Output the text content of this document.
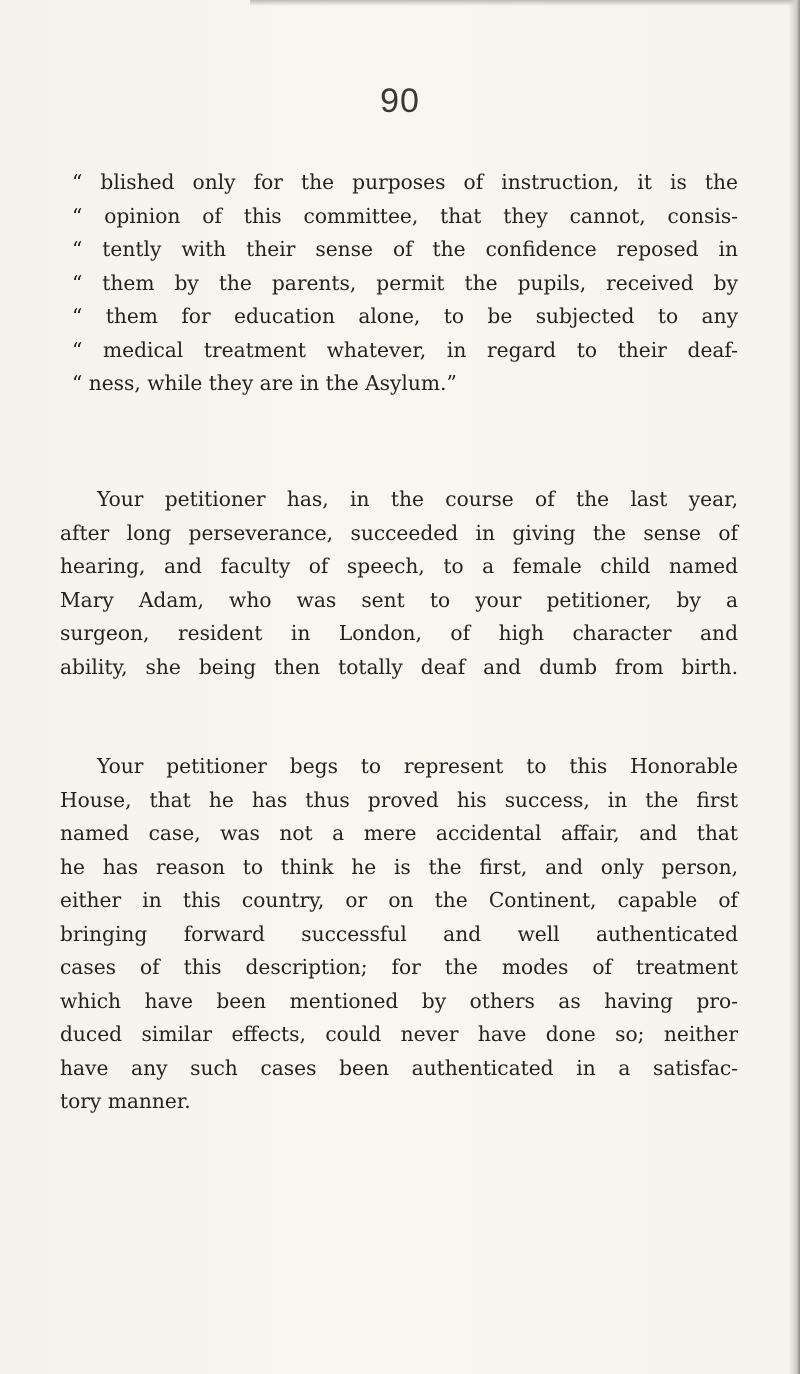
90
“ blished only for the purposes of instruction, it is the
“ opinion of this committee, that they cannot, consis-
“ tently with their sense of the confidence reposed in
“ them by the parents, permit the pupils, received by
“ them for education alone, to be subjected to any
“ medical treatment whatever, in regard to their deaf-
“ ness, while they are in the Asylum.”
Your petitioner has, in the course of the last year,
after long perseverance, succeeded in giving the sense of
hearing, and faculty of speech, to a female child named
Mary Adam, who was sent to your petitioner, by a
surgeon, resident in London, of high character and
ability, she being then totally deaf and dumb from birth.
Your petitioner begs to represent to this Honorable
House, that he has thus proved his success, in the first
named case, was not a mere accidental affair, and that
he has reason to think he is the first, and only person,
either in this country, or on the Continent, capable of
bringing forward successful and well authenticated
cases of this description; for the modes of treatment
which have been mentioned by others as having pro-
duced similar effects, could never have done so; neither
have any such cases been authenticated in a satisfac-
tory manner.
